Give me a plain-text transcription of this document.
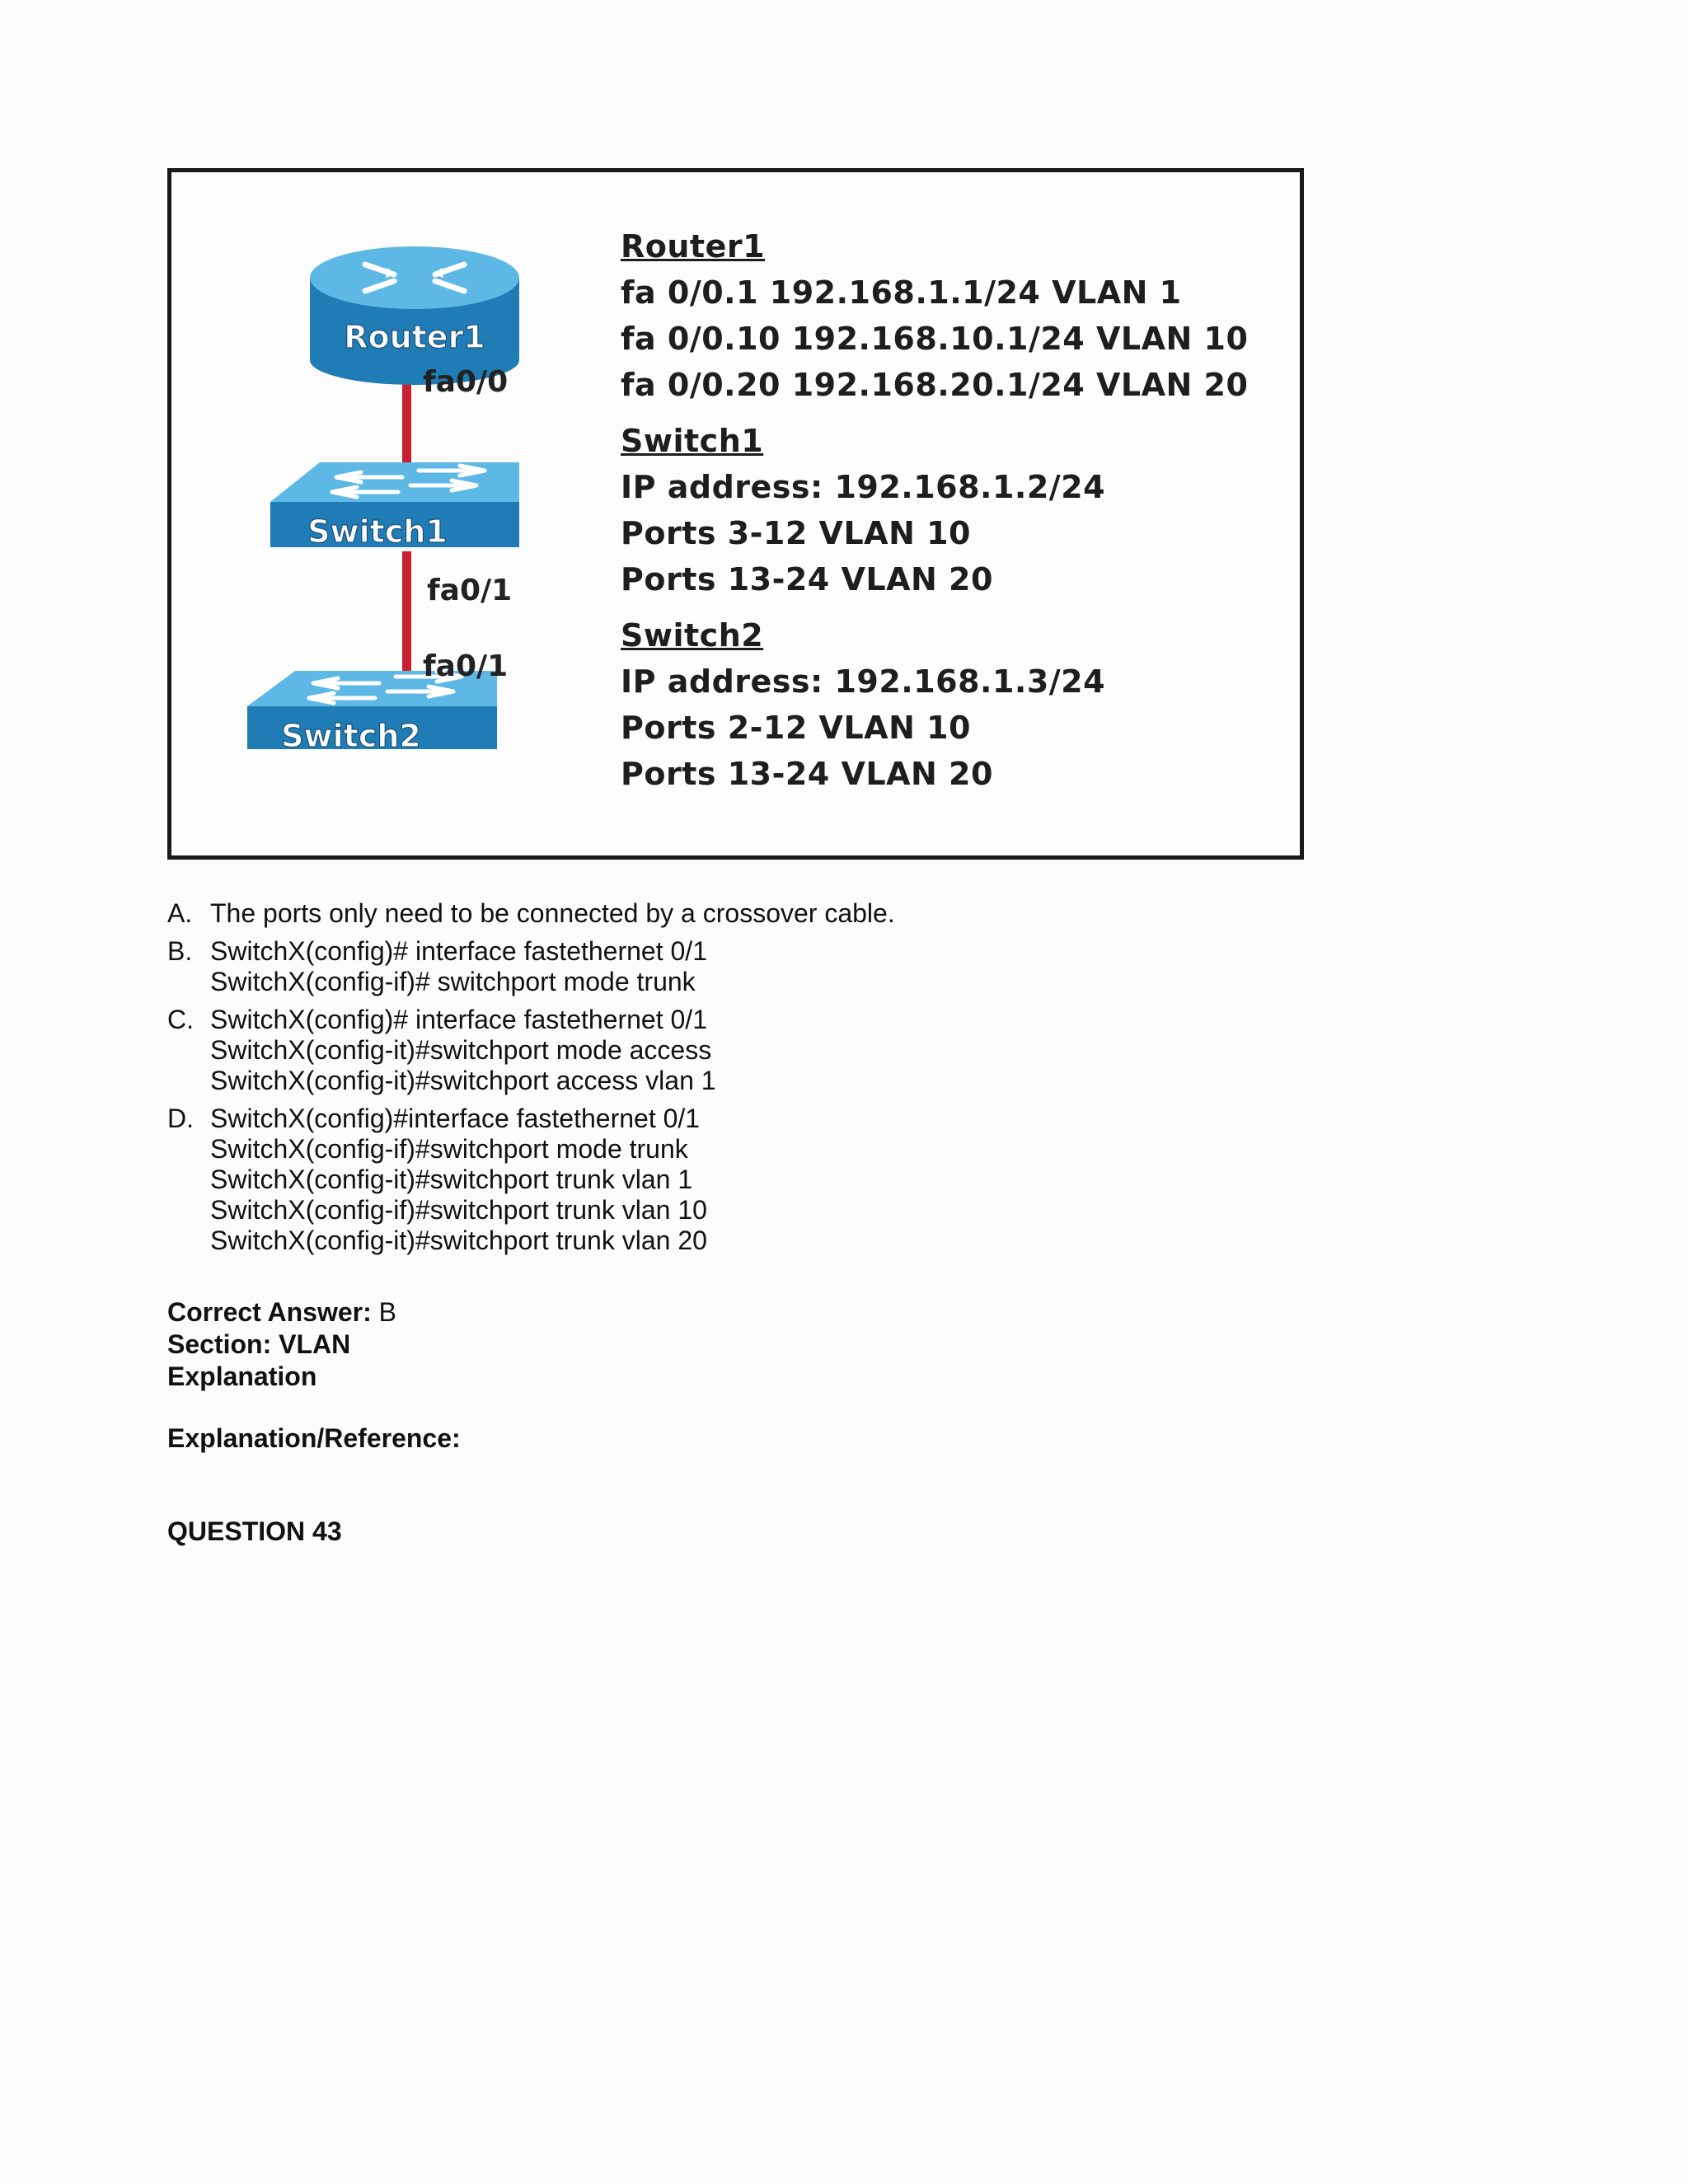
Router1
fa0/0
Switch1
fa0/1
Switch2
fa0/1
Router1
fa 0/0.1 192.168.1.1/24 VLAN 1
fa 0/0.10 192.168.10.1/24 VLAN 10
fa 0/0.20 192.168.20.1/24 VLAN 20
Switch1
IP address: 192.168.1.2/24
Ports 3-12 VLAN 10
Ports 13-24 VLAN 20
Switch2
IP address: 192.168.1.3/24
Ports 2-12 VLAN 10
Ports 13-24 VLAN 20
A. The ports only need to be connected by a crossover cable.
B. SwitchX(config)# interface fastethernet 0/1
SwitchX(config-if)# switchport mode trunk
C. SwitchX(config)# interface fastethernet 0/1
SwitchX(config-it)#switchport mode access
SwitchX(config-it)#switchport access vlan 1
D. SwitchX(config)#interface fastethernet 0/1
SwitchX(config-if)#switchport mode trunk
SwitchX(config-it)#switchport trunk vlan 1
SwitchX(config-if)#switchport trunk vlan 10
SwitchX(config-it)#switchport trunk vlan 20
Correct Answer: B
Section: VLAN
Explanation
Explanation/Reference:
QUESTION 43
